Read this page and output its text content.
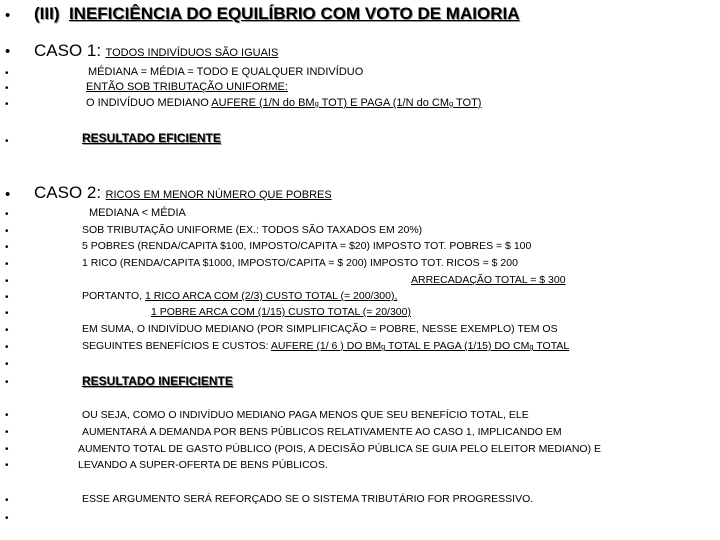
•
•
•
•
•
•
•
•
•
•
•
•
•
•
•
•
•
•
•
•
•
•
•
•
(III) INEFICIÊNCIA DO EQUILÍBRIO COM VOTO DE MAIORIA
CASO 1: TODOS INDIVÍDUOS SÃO IGUAIS
MÉDIANA = MÉDIA = TODO E QUALQUER INDIVÍDUO
ENTÃO SOB TRIBUTAÇÃO UNIFORME:
O INDIVÍDUO MEDIANO AUFERE (1/N do BMg TOT) E PAGA (1/N do CMg TOT)
RESULTADO EFICIENTE
CASO 2: RICOS EM MENOR NÚMERO QUE POBRES
MEDIANA < MÉDIA
SOB TRIBUTAÇÃO UNIFORME (EX.: TODOS SÃO TAXADOS EM 20%)
5 POBRES (RENDA/CAPITA $100, IMPOSTO/CAPITA = $20) IMPOSTO TOT. POBRES = $ 100
1 RICO (RENDA/CAPITA $1000, IMPOSTO/CAPITA = $ 200) IMPOSTO TOT. RICOS = $ 200
ARRECADAÇÃO TOTAL = $ 300
PORTANTO, 1 RICO ARCA COM (2/3) CUSTO TOTAL (= 200/300),
1 POBRE ARCA COM (1/15) CUSTO TOTAL (= 20/300)
EM SUMA, O INDIVÍDUO MEDIANO (POR SIMPLIFICAÇÃO = POBRE, NESSE EXEMPLO) TEM OS
SEGUINTES BENEFÍCIOS E CUSTOS: AUFERE (1/ 6 ) DO BMg TOTAL E PAGA (1/15) DO CMg TOTAL
RESULTADO INEFICIENTE
OU SEJA, COMO O INDIVÍDUO MEDIANO PAGA MENOS QUE SEU BENEFÍCIO TOTAL, ELE
AUMENTARÁ A DEMANDA POR BENS PÚBLICOS RELATIVAMENTE AO CASO 1, IMPLICANDO EM
AUMENTO TOTAL DE GASTO PÚBLICO (POIS, A DECISÃO PÚBLICA SE GUIA PELO ELEITOR MEDIANO) E
LEVANDO A SUPER-OFERTA DE BENS PÚBLICOS.
ESSE ARGUMENTO SERÁ REFORÇADO SE O SISTEMA TRIBUTÁRIO FOR PROGRESSIVO.
